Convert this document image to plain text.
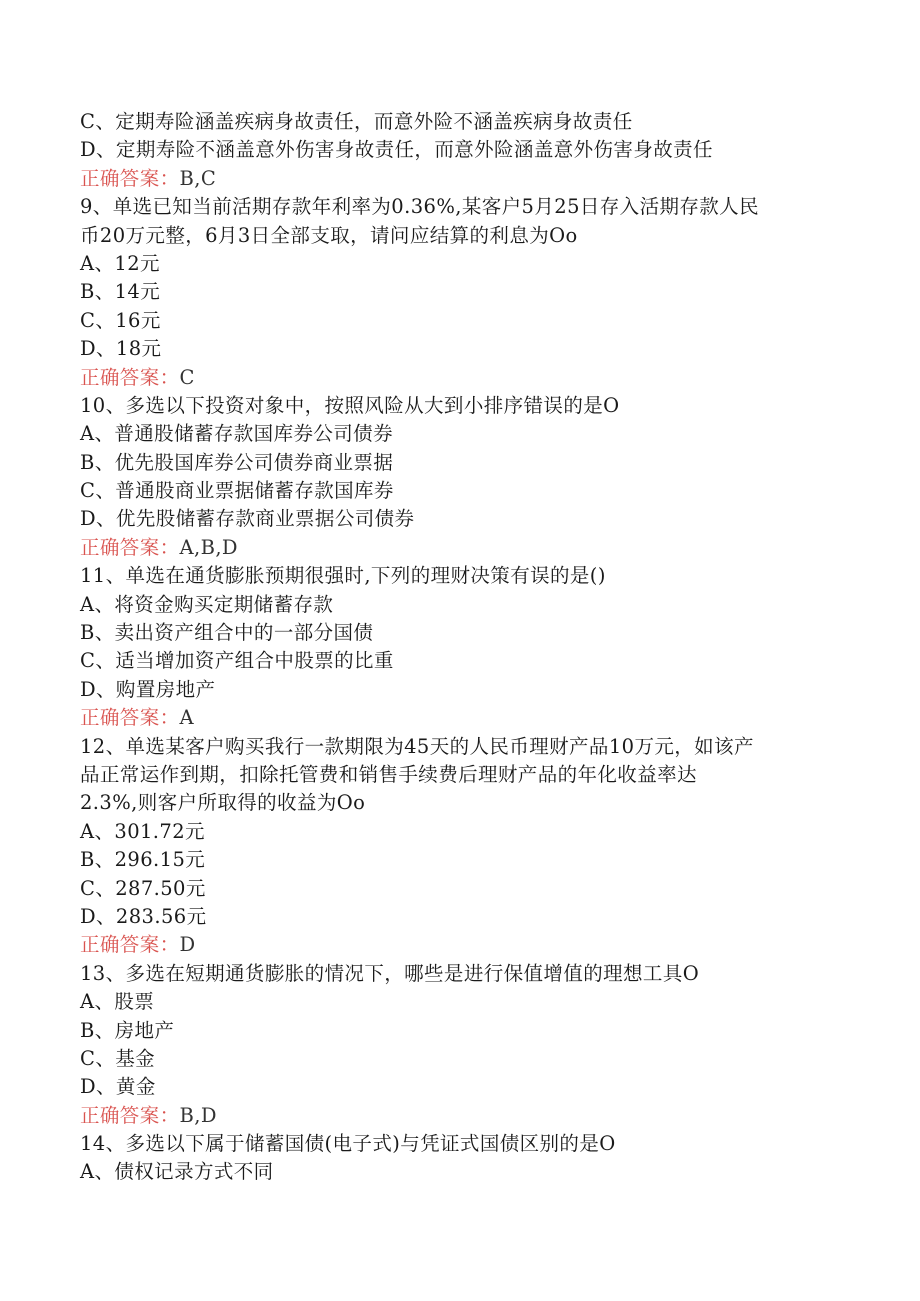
C、定期寿险涵盖疾病身故责任，而意外险不涵盖疾病身故责任
D、定期寿险不涵盖意外伤害身故责任，而意外险涵盖意外伤害身故责任
正确答案：B,C
9、单选已知当前活期存款年利率为0.36%,某客户5月25日存入活期存款人民
币20万元整，6月3日全部支取，请问应结算的利息为Oo
A、12元
B、14元
C、16元
D、18元
正确答案：C
10、多选以下投资对象中，按照风险从大到小排序错误的是O
A、普通股储蓄存款国库券公司债券
B、优先股国库券公司债券商业票据
C、普通股商业票据储蓄存款国库券
D、优先股储蓄存款商业票据公司债券
正确答案：A,B,D
11、单选在通货膨胀预期很强时,下列的理财决策有误的是()
A、将资金购买定期储蓄存款
B、卖出资产组合中的一部分国债
C、适当增加资产组合中股票的比重
D、购置房地产
正确答案：A
12、单选某客户购买我行一款期限为45天的人民币理财产品10万元，如该产
品正常运作到期，扣除托管费和销售手续费后理财产品的年化收益率达
2.3%,则客户所取得的收益为Oo
A、301.72元
B、296.15元
C、287.50元
D、283.56元
正确答案：D
13、多选在短期通货膨胀的情况下，哪些是进行保值增值的理想工具O
A、股票
B、房地产
C、基金
D、黄金
正确答案：B,D
14、多选以下属于储蓄国债(电子式)与凭证式国债区别的是O
A、债权记录方式不同
